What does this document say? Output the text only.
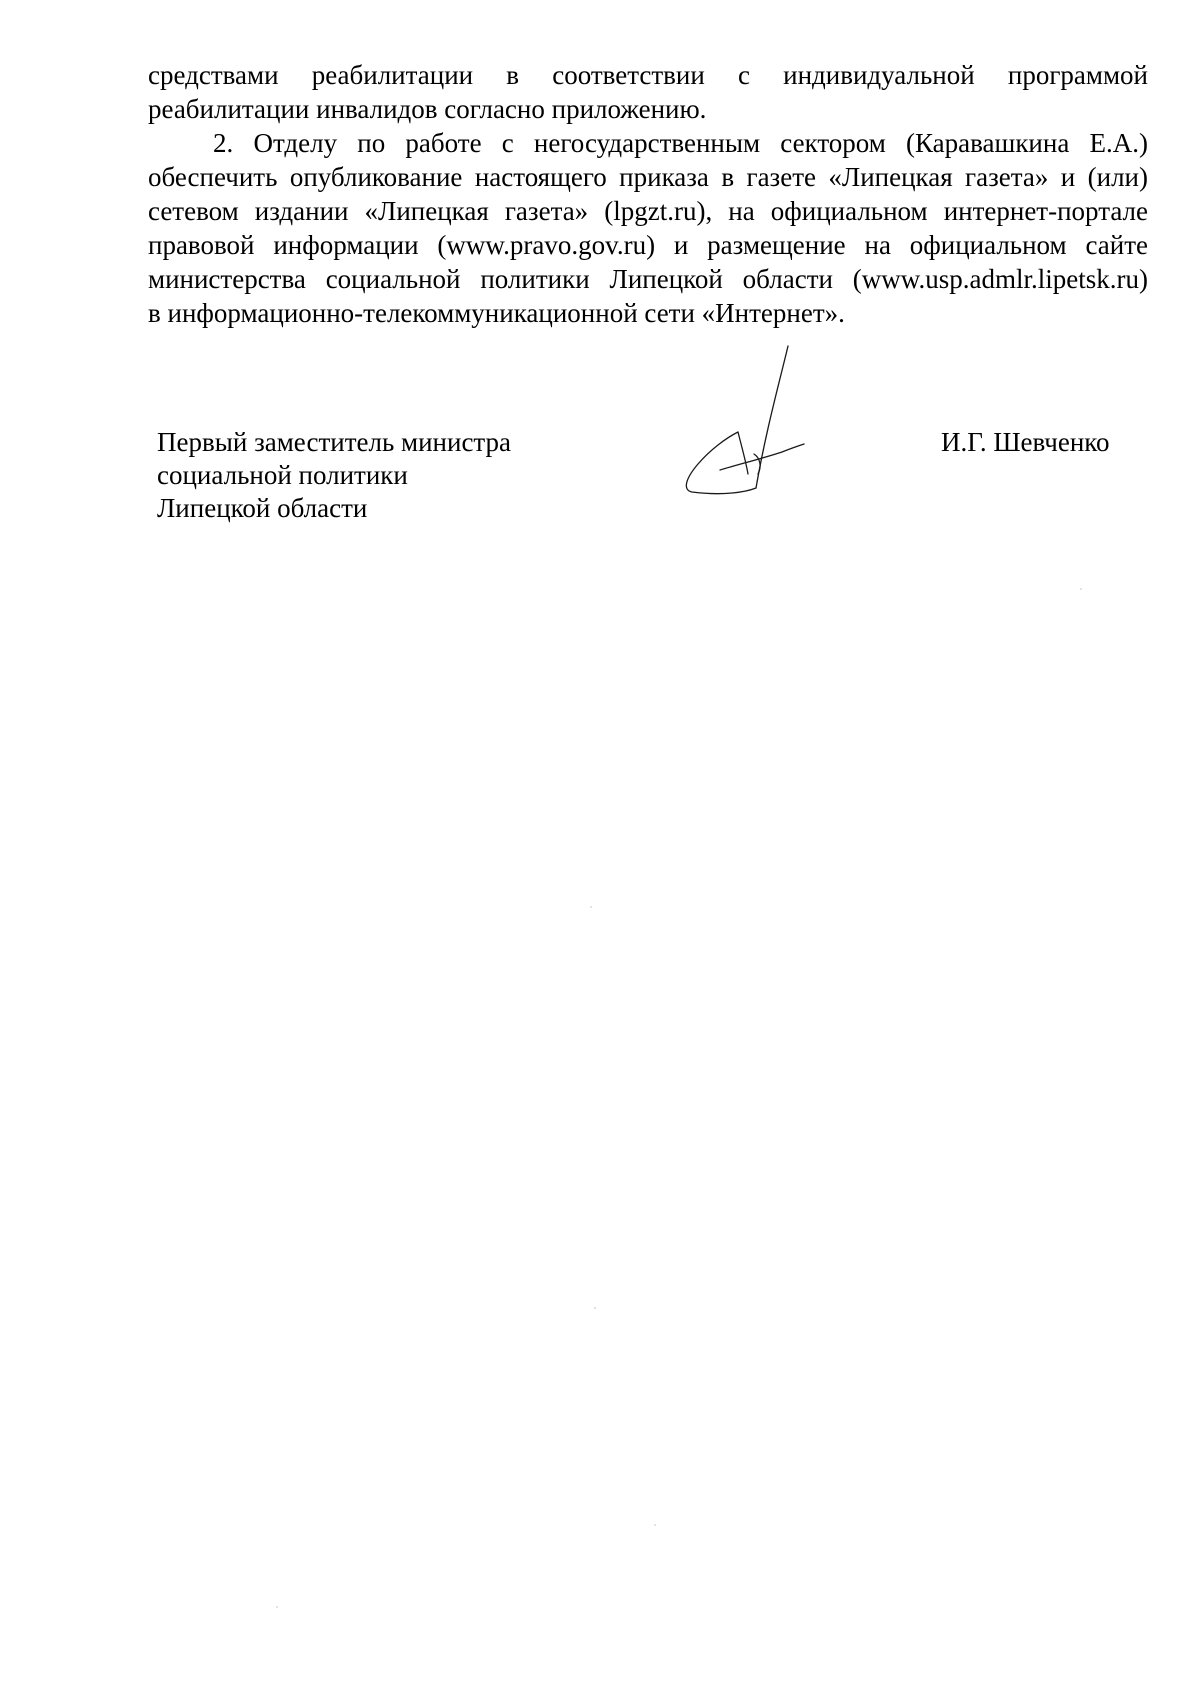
средствами реабилитации в соответствии с индивидуальной программой
реабилитации инвалидов согласно приложению.
2. Отделу по работе с негосударственным сектором (Каравашкина Е.А.)
обеспечить опубликование настоящего приказа в газете «Липецкая газета» и (или)
сетевом издании «Липецкая газета» (lpgzt.ru), на официальном интернет-портале
правовой информации (www.pravo.gov.ru) и размещение на официальном сайте
министерства социальной политики Липецкой области (www.usp.admlr.lipetsk.ru)
в информационно-телекоммуникационной сети «Интернет».
Первый заместитель министра
социальной политики
Липецкой области
И.Г. Шевченко
